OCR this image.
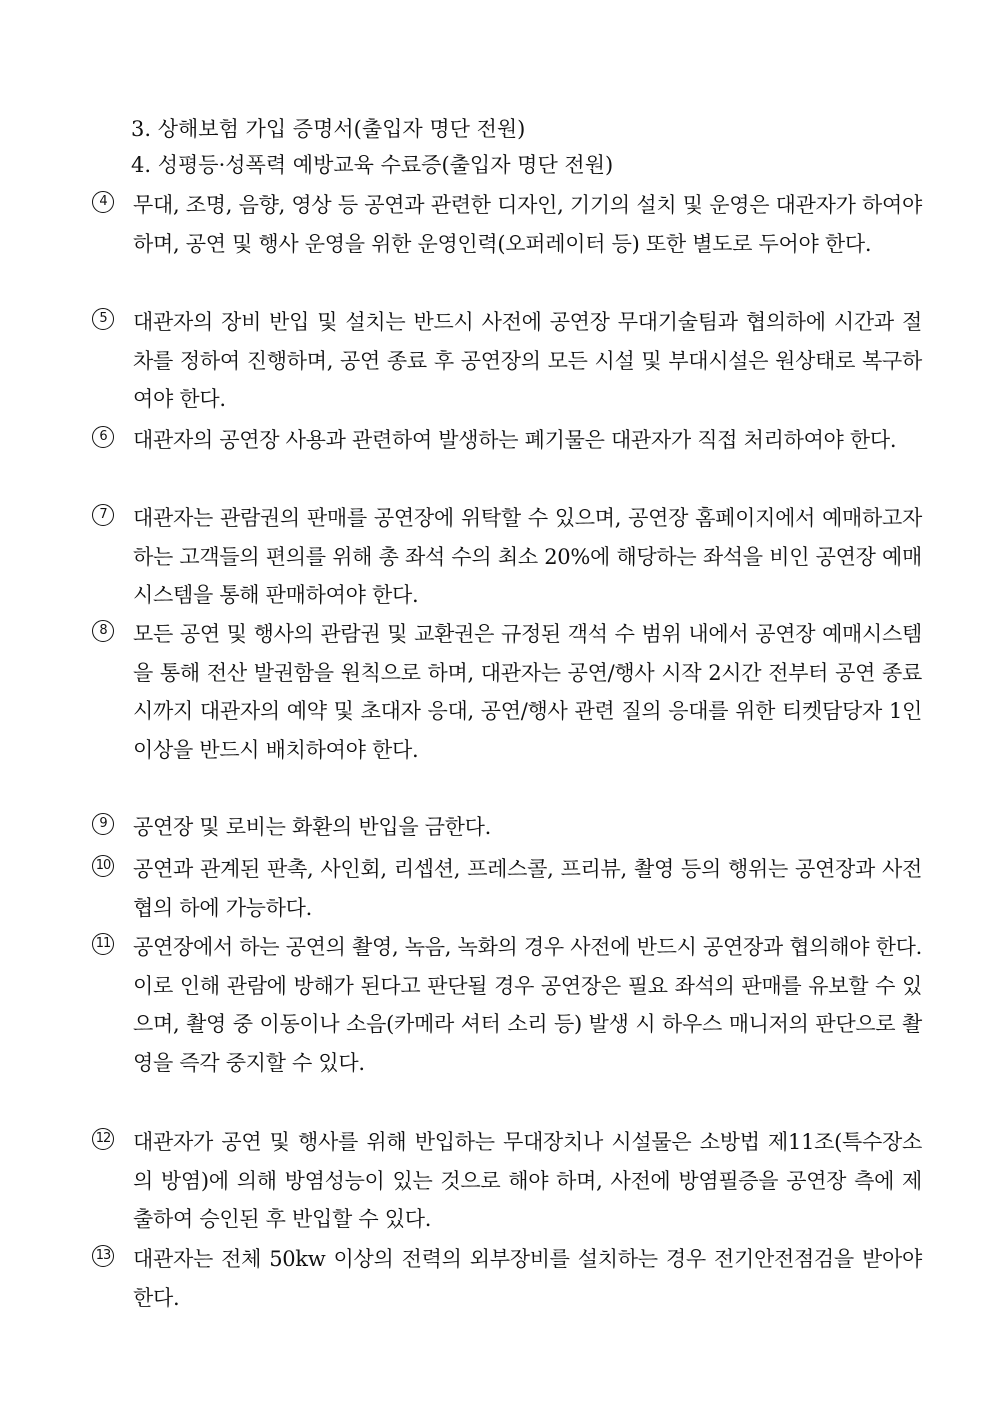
3. 상해보험 가입 증명서(출입자 명단 전원)
4. 성평등·성폭력 예방교육 수료증(출입자 명단 전원)
4	무대, 조명, 음향, 영상 등 공연과 관련한 디자인, 기기의 설치 및 운영은 대관자가 하여야 하며, 공연 및 행사 운영을 위한 운영인력(오퍼레이터 등) 또한 별도로 두어야 한다.
5	대관자의 장비 반입 및 설치는 반드시 사전에 공연장 무대기술팀과 협의하에 시간과 절차를 정하여 진행하며, 공연 종료 후 공연장의 모든 시설 및 부대시설은 원상태로 복구하여야 한다.
6	대관자의 공연장 사용과 관련하여 발생하는 폐기물은 대관자가 직접 처리하여야 한다.
7	대관자는 관람권의 판매를 공연장에 위탁할 수 있으며, 공연장 홈페이지에서 예매하고자 하는 고객들의 편의를 위해 총 좌석 수의 최소 20%에 해당하는 좌석을 비인 공연장 예매시스템을 통해 판매하여야 한다.
8	모든 공연 및 행사의 관람권 및 교환권은 규정된 객석 수 범위 내에서 공연장 예매시스템을 통해 전산 발권함을 원칙으로 하며, 대관자는 공연/행사 시작 2시간 전부터 공연 종료 시까지 대관자의 예약 및 초대자 응대, 공연/행사 관련 질의 응대를 위한 티켓담당자 1인 이상을 반드시 배치하여야 한다.
9	공연장 및 로비는 화환의 반입을 금한다.
10 공연과 관계된 판촉, 사인회, 리셉션, 프레스콜, 프리뷰, 촬영 등의 행위는 공연장과 사전 협의 하에 가능하다.
11 공연장에서 하는 공연의 촬영, 녹음, 녹화의 경우 사전에 반드시 공연장과 협의해야 한다. 이로 인해 관람에 방해가 된다고 판단될 경우 공연장은 필요 좌석의 판매를 유보할 수 있으며, 촬영 중 이동이나 소음(카메라 셔터 소리 등) 발생 시 하우스 매니저의 판단으로 촬영을 즉각 중지할 수 있다.
12 대관자가 공연 및 행사를 위해 반입하는 무대장치나 시설물은 소방법 제11조(특수장소의 방염)에 의해 방염성능이 있는 것으로 해야 하며, 사전에 방염필증을 공연장 측에 제출하여 승인된 후 반입할 수 있다.
13 대관자는 전체 50kw 이상의 전력의 외부장비를 설치하는 경우 전기안전점검을 받아야 한다.
